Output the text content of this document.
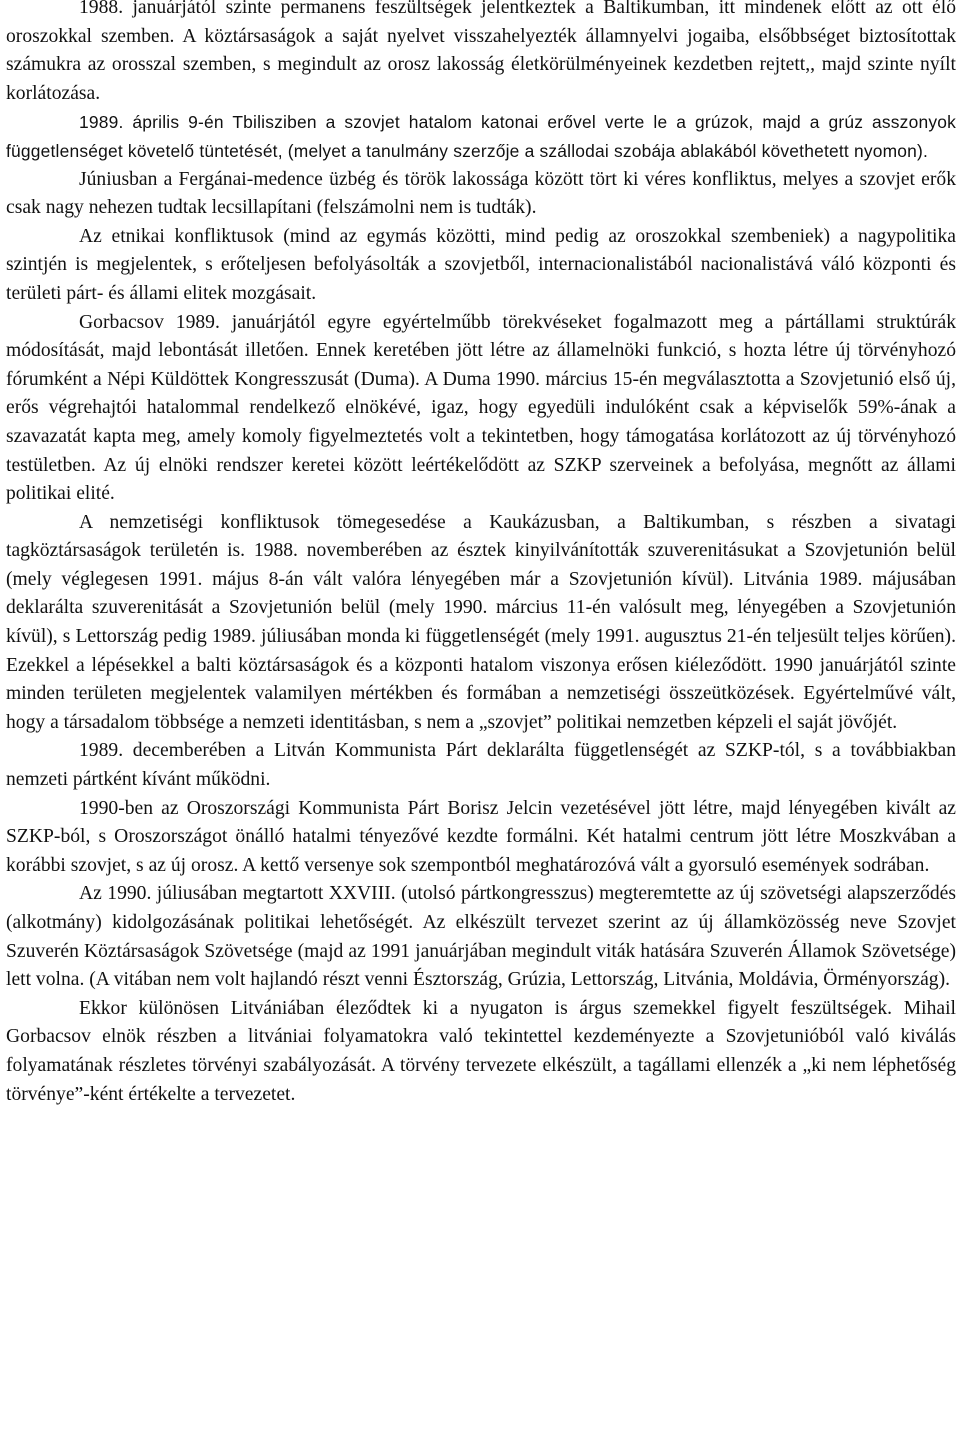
1988. januárjától szinte permanens feszültségek jelentkeztek a Baltikumban, itt mindenek előtt az ott élő oroszokkal szemben. A köztársaságok a saját nyelvet visszahelyezték államnyelvi jogaiba, elsőbbséget biztosítottak számukra az orosszal szemben, s megindult az orosz lakosság életkörülményeinek kezdetben rejtett,, majd szinte nyílt korlátozása.

1989. április 9-én Tbilisziben a szovjet hatalom katonai erővel verte le a grúzok, majd a grúz asszonyok függetlenséget követelő tüntetését, (melyet a tanulmány szerzője a szállodai szobája ablakából követhetett nyomon).

Júniusban a Fergánai-medence üzbég és török lakossága között tört ki véres konfliktus, melyes a szovjet erők csak nagy nehezen tudtak lecsillapítani (felszámolni nem is tudták).

Az etnikai konfliktusok (mind az egymás közötti, mind pedig az oroszokkal szembeniek) a nagypolitika szintjén is megjelentek, s erőteljesen befolyásolták a szovjetből, internacionalistából nacionalistává váló központi és területi párt- és állami elitek mozgásait.

Gorbacsov 1989. januárjától egyre egyértelműbb törekvéseket fogalmazott meg a pártállami struktúrák módosítását, majd lebontását illetően. Ennek keretében jött létre az államelnöki funkció, s hozta létre új törvényhozó fórumként a Népi Küldöttek Kongresszusát (Duma). A Duma 1990. március 15-én megválasztotta a Szovjetunió első új, erős végrehajtói hatalommal rendelkező elnökévé, igaz, hogy egyedüli indulóként csak a képviselők 59%-ának a szavazatát kapta meg, amely komoly figyelmeztetés volt a tekintetben, hogy támogatása korlátozott az új törvényhozó testületben. Az új elnöki rendszer keretei között leértékelődött az SZKP szerveinek a befolyása, megnőtt az állami politikai elité.

A nemzetiségi konfliktusok tömegesedése a Kaukázusban, a Baltikumban, s részben a sivatagi tagköztársaságok területén is. 1988. novemberében az észtek kinyilvánították szuverenitásukat a Szovjetunión belül (mely véglegesen 1991. május 8-án vált valóra lényegében már a Szovjetunión kívül). Litvánia 1989. májusában deklarálta szuverenitását a Szovjetunión belül (mely 1990. március 11-én valósult meg, lényegében a Szovjetunión kívül), s Lettország pedig 1989. júliusában monda ki függetlenségét (mely 1991. augusztus 21-én teljesült teljes körűen). Ezekkel a lépésekkel a balti köztársaságok és a központi hatalom viszonya erősen kiéleződött. 1990 januárjától szinte minden területen megjelentek valamilyen mértékben és formában a nemzetiségi összeütközések. Egyértelművé vált, hogy a társadalom többsége a nemzeti identitásban, s nem a „szovjet” politikai nemzetben képzeli el saját jövőjét.

1989. decemberében a Litván Kommunista Párt deklarálta függetlenségét az SZKP-tól, s a továbbiakban nemzeti pártként kívánt működni.

1990-ben az Oroszországi Kommunista Párt Borisz Jelcin vezetésével jött létre, majd lényegében kivált az SZKP-ból, s Oroszországot önálló hatalmi tényezővé kezdte formálni. Két hatalmi centrum jött létre Moszkvában a korábbi szovjet, s az új orosz. A kettő versenye sok szempontból meghatározóvá vált a gyorsuló események sodrában.

Az 1990. júliusában megtartott XXVIII. (utolsó pártkongresszus) megteremtette az új szövetségi alapszerződés (alkotmány) kidolgozásának politikai lehetőségét. Az elkészült tervezet szerint az új államközösség neve Szovjet Szuverén Köztársaságok Szövetsége (majd az 1991 januárjában megindult viták hatására Szuverén Államok Szövetsége) lett volna. (A vitában nem volt hajlandó részt venni Észtország, Grúzia, Lettország, Litvánia, Moldávia, Örményország).

Ekkor különösen Litvániában éleződtek ki a nyugaton is árgus szemekkel figyelt feszültségek. Mihail Gorbacsov elnök részben a litvániai folyamatokra való tekintettel kezdeményezte a Szovjetunióból való kiválás folyamatának részletes törvényi szabályozását. A törvény tervezete elkészült, a tagállami ellenzék a „ki nem léphetőség törvénye”-ként értékelte a tervezetet.
